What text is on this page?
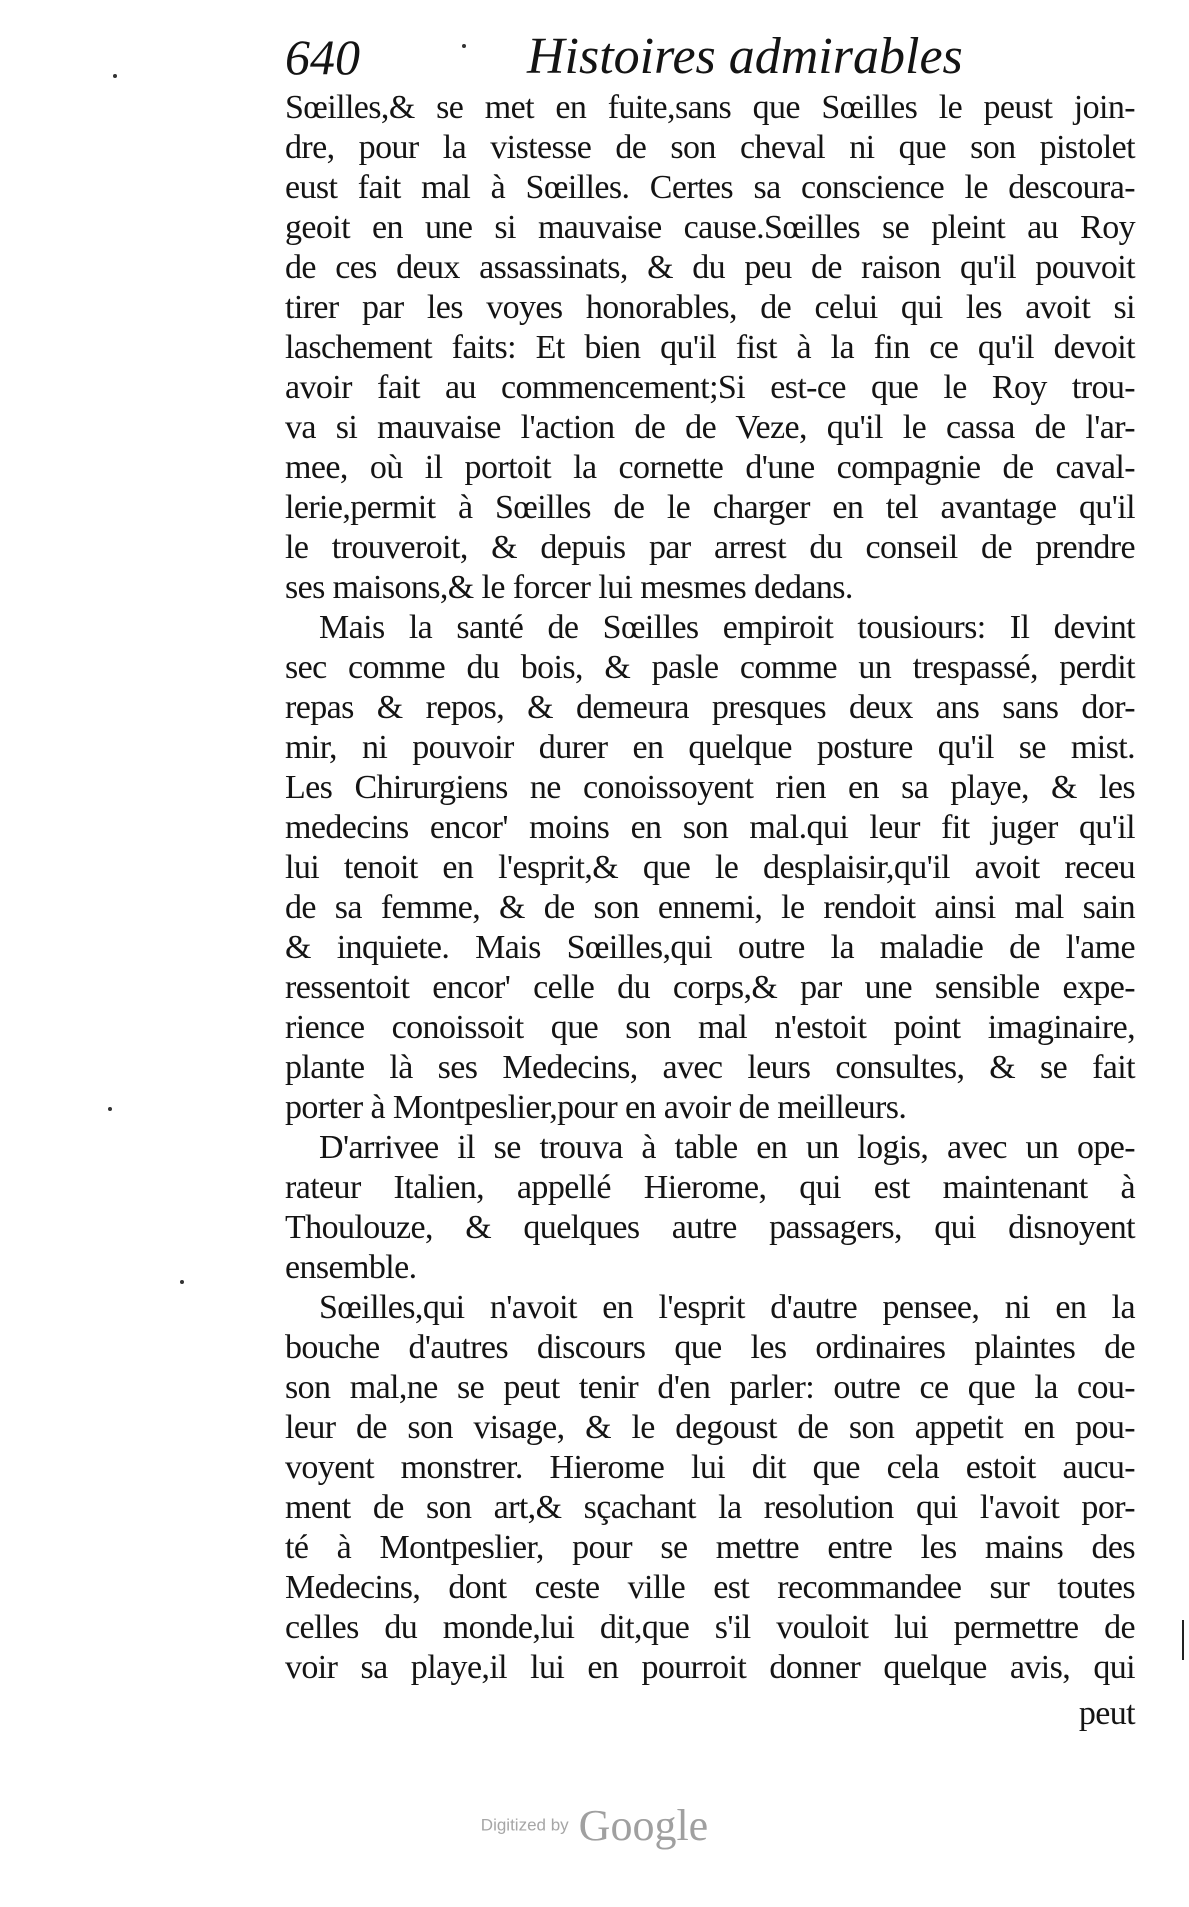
640	Histoires admirables
Sœilles,& se met en fuite,sans que Sœilles le peust join-
dre, pour la vistesse de son cheval ni que son pistolet
eust fait mal à Sœilles. Certes sa conscience le descoura-
geoit en une si mauvaise cause.Sœilles se pleint au Roy
de ces deux assassinats, & du peu de raison qu'il pouvoit
tirer par les voyes honorables, de celui qui les avoit si
laschement faits: Et bien qu'il fist à la fin ce qu'il devoit
avoir fait au commencement;Si est-ce que le Roy trou-
va si mauvaise l'action de de Veze, qu'il le cassa de l'ar-
mee, où il portoit la cornette d'une compagnie de caval-
lerie,permit à Sœilles de le charger en tel avantage qu'il
le trouveroit, & depuis par arrest du conseil de prendre
ses maisons,& le forcer lui mesmes dedans.
Mais la santé de Sœilles empiroit tousiours: Il devint
sec comme du bois, & pasle comme un trespassé, perdit
repas & repos, & demeura presques deux ans sans dor-
mir, ni pouvoir durer en quelque posture qu'il se mist.
Les Chirurgiens ne conoissoyent rien en sa playe, & les
medecins encor' moins en son mal.qui leur fit juger qu'il
lui tenoit en l'esprit,& que le desplaisir,qu'il avoit receu
de sa femme, & de son ennemi, le rendoit ainsi mal sain
& inquiete. Mais Sœilles,qui outre la maladie de l'ame
ressentoit encor' celle du corps,& par une sensible expe-
rience conoissoit que son mal n'estoit point imaginaire,
plante là ses Medecins, avec leurs consultes, & se fait
porter à Montpeslier,pour en avoir de meilleurs.
D'arrivee il se trouva à table en un logis, avec un ope-
rateur Italien, appellé Hierome, qui est maintenant à
Thoulouze, & quelques autre passagers, qui disnoyent
ensemble.
Sœilles,qui n'avoit en l'esprit d'autre pensee, ni en la
bouche d'autres discours que les ordinaires plaintes de
son mal,ne se peut tenir d'en parler: outre ce que la cou-
leur de son visage, & le degoust de son appetit en pou-
voyent monstrer. Hierome lui dit que cela estoit aucu-
ment de son art,& sçachant la resolution qui l'avoit por-
té à Montpeslier, pour se mettre entre les mains des
Medecins, dont ceste ville est recommandee sur toutes
celles du monde,lui dit,que s'il vouloit lui permettre de
voir sa playe,il lui en pourroit donner quelque avis, qui
peut
Digitized by Google
